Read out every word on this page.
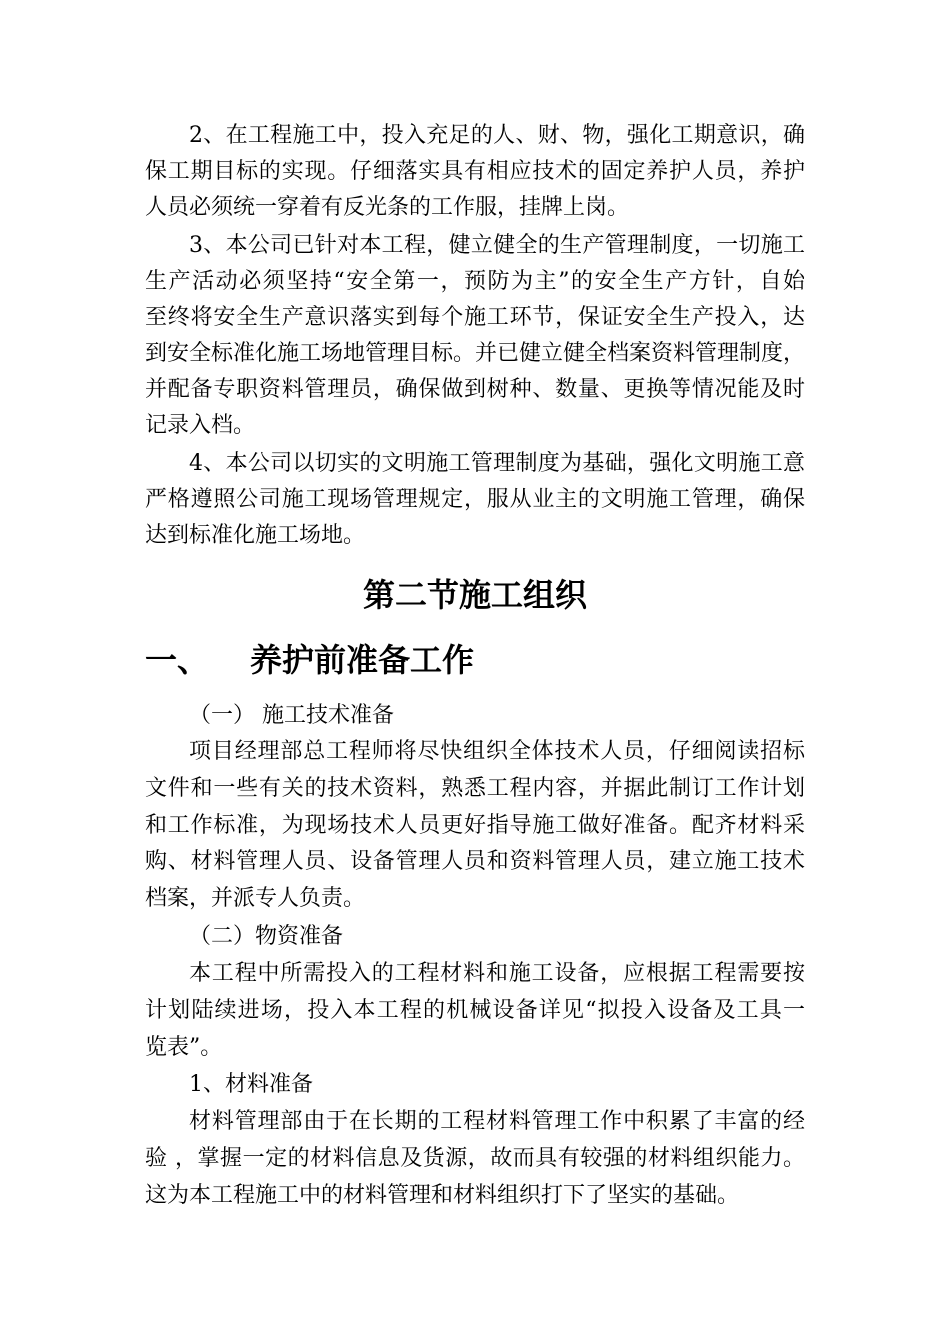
2、在工程施工中，投入充足的人、财、物，强化工期意识，确
保工期目标的实现。仔细落实具有相应技术的固定养护人员，养护
人员必须统一穿着有反光条的工作服，挂牌上岗。
3、本公司已针对本工程，健立健全的生产管理制度，一切施工
生产活动必须坚持“安全第一，预防为主”的安全生产方针，自始
至终将安全生产意识落实到每个施工环节，保证安全生产投入，达
到安全标准化施工场地管理目标。并已健立健全档案资料管理制度，
并配备专职资料管理员，确保做到树种、数量、更换等情况能及时
记录入档。
4、本公司以切实的文明施工管理制度为基础，强化文明施工意
严格遵照公司施工现场管理规定，服从业主的文明施工管理，确保
达到标准化施工场地。
第二节施工组织
一、 养护前准备工作
（一） 施工技术准备
项目经理部总工程师将尽快组织全体技术人员，仔细阅读招标
文件和一些有关的技术资料，熟悉工程内容，并据此制订工作计划
和工作标准，为现场技术人员更好指导施工做好准备。配齐材料采
购、材料管理人员、设备管理人员和资料管理人员，建立施工技术
档案，并派专人负责。
（二）物资准备
本工程中所需投入的工程材料和施工设备，应根据工程需要按
计划陆续进场，投入本工程的机械设备详见“拟投入设备及工具一
览表”。
1、材料准备
材料管理部由于在长期的工程材料管理工作中积累了丰富的经
验 ，掌握一定的材料信息及货源，故而具有较强的材料组织能力。
这为本工程施工中的材料管理和材料组织打下了坚实的基础。
